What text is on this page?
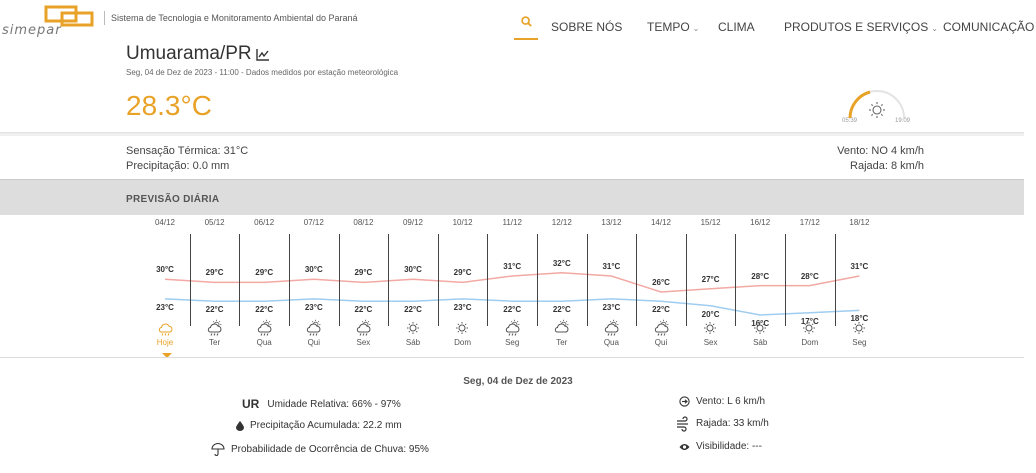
simepar
Sistema de Tecnologia e Monitoramento Ambiental do Paraná
SOBRE NÓS TEMPO ⌄ CLIMA PRODUTOS E SERVIÇOS ⌄ COMUNICAÇÃO
Umuarama/PR
Seg, 04 de Dez de 2023 - 11:00 - Dados medidos por estação meteorológica
28.3°C	05:39	19:09
Sensação Térmica: 31°C
Precipitação: 0.0 mm
Vento: NO 4 km/h
Rajada: 8 km/h
PREVISÃO DIÁRIA
04/12
30°C
23°C
Hoje
05/12
29°C
22°C
Ter
06/12
29°C
22°C
Qua
07/12
30°C
23°C
Qui
08/12
29°C
22°C
Sex
09/12
30°C
22°C
Sáb
10/12
29°C
23°C
Dom
11/12
31°C
22°C
Seg
12/12
32°C
22°C
Ter
13/12
31°C
23°C
Qua
14/12
26°C
22°C
Qui
15/12
27°C
20°C
Sex
16/12
28°C
16°C
Sáb
17/12
28°C
17°C
Dom
18/12
31°C
18°C
Seg
Seg, 04 de Dez de 2023
UR Umidade Relativa: 66% - 97%
Precipitação Acumulada: 22.2 mm
Probabilidade de Ocorrência de Chuva: 95%
Vento: L 6 km/h
Rajada: 33 km/h
Visibilidade: ---
